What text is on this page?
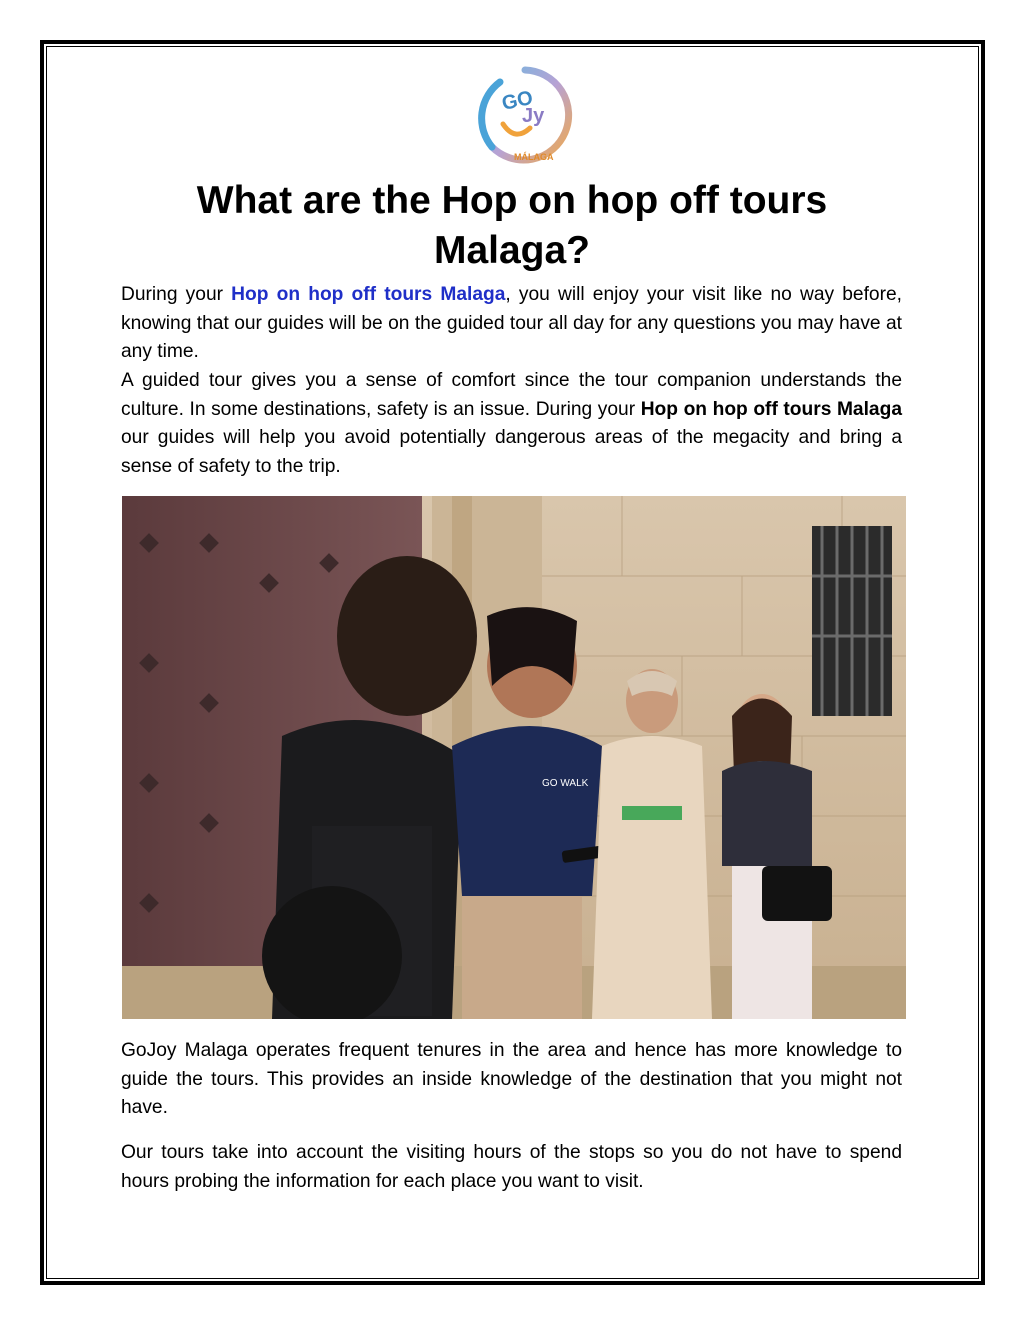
GO
Jy
MÁLAGA
What are the Hop on hop off tours
Malaga?

During your Hop on hop off tours Malaga, you will enjoy your visit like no way before, knowing that our guides will be on the guided tour all day for any questions you may have at any time.

A guided tour gives you a sense of comfort since the tour companion understands the culture. In some destinations, safety is an issue. During your Hop on hop off tours Malaga our guides will help you avoid potentially dangerous areas of the megacity and bring a sense of safety to the trip.

GO WALK

GoJoy Malaga operates frequent tenures in the area and hence has more knowledge to guide the tours. This provides an inside knowledge of the destination that you might not have.

Our tours take into account the visiting hours of the stops so you do not have to spend hours probing the information for each place you want to visit.
